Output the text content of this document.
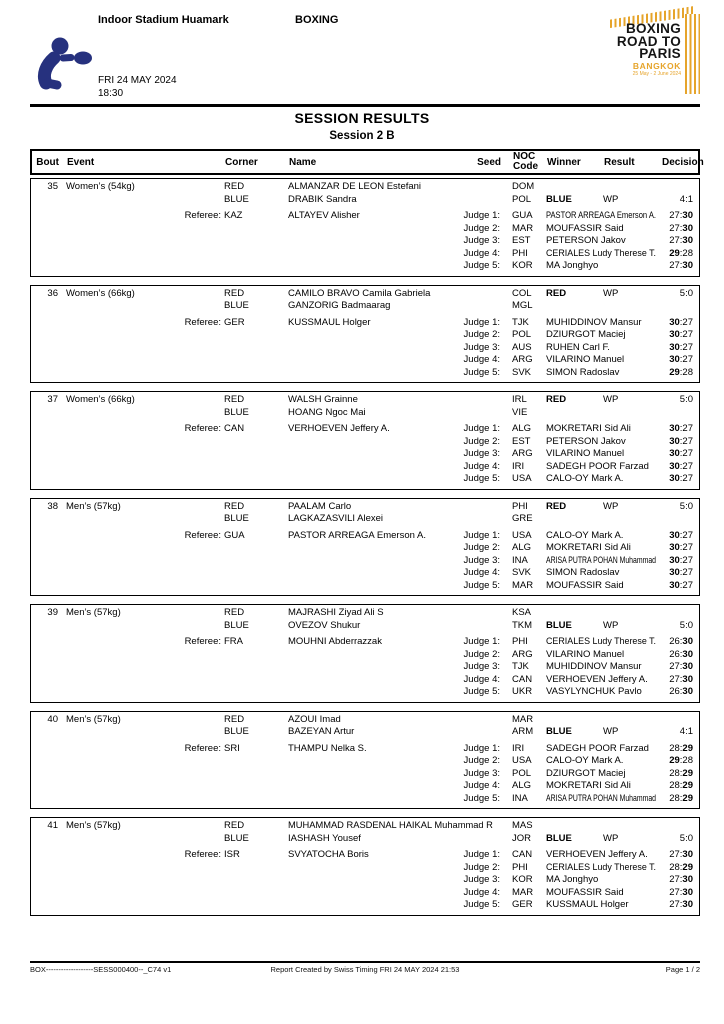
Indoor Stadium Huamark	BOXING
FRI 24 MAY 2024
18:30
BOXING
ROAD TO
PARIS
BANGKOK
25 May - 2 June 2024
SESSION RESULTS
Session 2 B
Bout Event	Corner	Name	Seed	NOC
Code Winner	Result	Decision
35 Women’s (54kg)	RED	ALMANZAR DE LEON Estefani	DOM
BLUE	DRABIK Sandra	POL	BLUE	WP	4:1
Referee: KAZ	ALTAYEV Alisher	Judge 1:	GUA	PASTOR ARREAGA Emerson A.	27:30
Judge 2:	MAR	MOUFASSIR Said	27:30
Judge 3:	EST	PETERSON Jakov	27:30
Judge 4:	PHI	CERIALES Ludy Therese T.	29:28
Judge 5:	KOR	MA Jonghyo	27:30
36 Women’s (66kg)	RED	CAMILO BRAVO Camila Gabriela	COL	RED	WP	5:0
BLUE	GANZORIG Badmaarag	MGL
Referee: GER	KUSSMAUL Holger	Judge 1:	TJK	MUHIDDINOV Mansur	30:27
Judge 2:	POL	DZIURGOT Maciej	30:27
Judge 3:	AUS	RUHEN Carl F.	30:27
Judge 4:	ARG	VILARINO Manuel	30:27
Judge 5:	SVK	SIMON Radoslav	29:28
37 Women’s (66kg)	RED	WALSH Grainne	IRL	RED	WP	5:0
BLUE	HOANG Ngoc Mai	VIE
Referee: CAN	VERHOEVEN Jeffery A.	Judge 1:	ALG	MOKRETARI Sid Ali	30:27
Judge 2:	EST	PETERSON Jakov	30:27
Judge 3:	ARG	VILARINO Manuel	30:27
Judge 4:	IRI	SADEGH POOR Farzad	30:27
Judge 5:	USA	CALO-OY Mark A.	30:27
38 Men’s (57kg)	RED	PAALAM Carlo	PHI	RED	WP	5:0
BLUE	LAGKAZASVILI Alexei	GRE
Referee: GUA	PASTOR ARREAGA Emerson A.	Judge 1:	USA	CALO-OY Mark A.	30:27
Judge 2:	ALG	MOKRETARI Sid Ali	30:27
Judge 3:	INA	ARISA PUTRA POHAN Muhammad	30:27
Judge 4:	SVK	SIMON Radoslav	30:27
Judge 5:	MAR	MOUFASSIR Said	30:27
39 Men’s (57kg)	RED	MAJRASHI Ziyad Ali S	KSA
BLUE	OVEZOV Shukur	TKM	BLUE	WP	5:0
Referee: FRA	MOUHNI Abderrazzak	Judge 1:	PHI	CERIALES Ludy Therese T.	26:30
Judge 2:	ARG	VILARINO Manuel	26:30
Judge 3:	TJK	MUHIDDINOV Mansur	27:30
Judge 4:	CAN	VERHOEVEN Jeffery A.	27:30
Judge 5:	UKR	VASYLYNCHUK Pavlo	26:30
40 Men’s (57kg)	RED	AZOUI Imad	MAR
BLUE	BAZEYAN Artur	ARM	BLUE	WP	4:1
Referee: SRI	THAMPU Nelka S.	Judge 1:	IRI	SADEGH POOR Farzad	28:29
Judge 2:	USA	CALO-OY Mark A.	29:28
Judge 3:	POL	DZIURGOT Maciej	28:29
Judge 4:	ALG	MOKRETARI Sid Ali	28:29
Judge 5:	INA	ARISA PUTRA POHAN Muhammad	28:29
41 Men’s (57kg)	RED	MUHAMMAD RASDENAL HAIKAL Muhammad R	MAS
BLUE	IASHASH Yousef	JOR	BLUE	WP	5:0
Referee: ISR	SVYATOCHA Boris	Judge 1:	CAN	VERHOEVEN Jeffery A.	27:30
Judge 2:	PHI	CERIALES Ludy Therese T.	28:29
Judge 3:	KOR	MA Jonghyo	27:30
Judge 4:	MAR	MOUFASSIR Said	27:30
Judge 5:	GER	KUSSMAUL Holger	27:30
BOX-------------------SESS000400--_C74 v1	Report Created by Swiss Timing FRI 24 MAY 2024 21:53	Page 1 / 2
